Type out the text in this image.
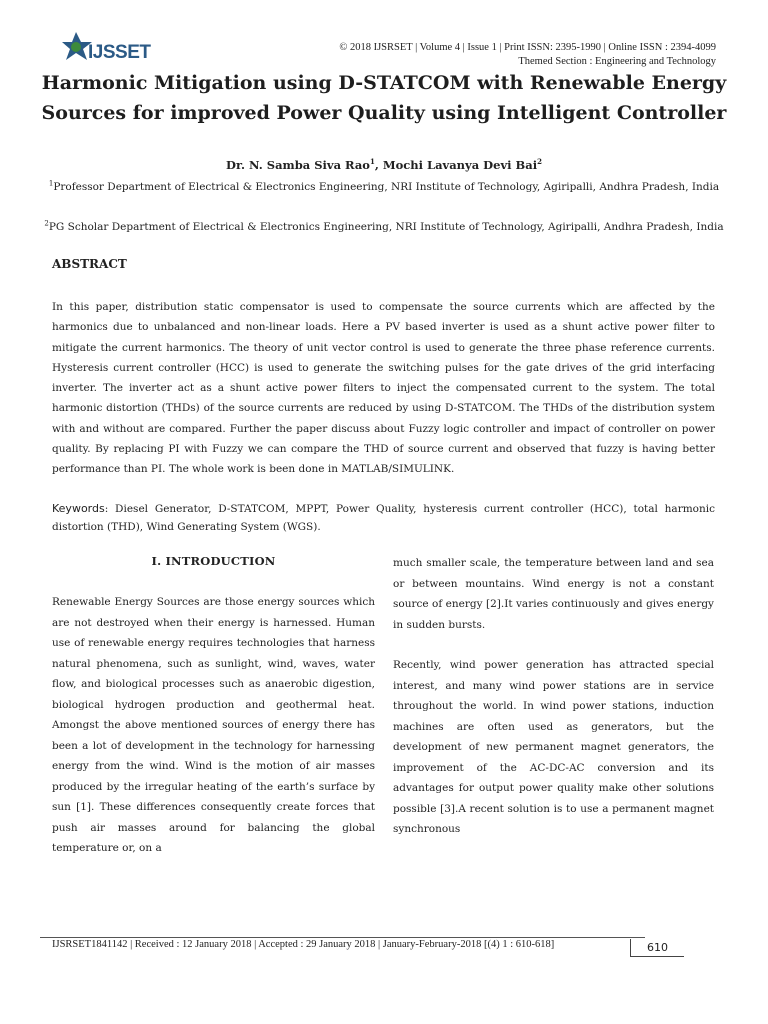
IJSSET	© 2018 IJSRSET | Volume 4 | Issue 1 | Print ISSN: 2395-1990 | Online ISSN : 2394-4099
Themed Section : Engineering and Technology
Harmonic Mitigation using D-STATCOM with Renewable Energy Sources for improved Power Quality using Intelligent Controller
Dr. N. Samba Siva Rao$^1$, Mochi Lavanya Devi Bai$^2$
$^1$Professor Department of Electrical & Electronics Engineering, NRI Institute of Technology, Agiripalli, Andhra Pradesh, India
$^2$PG Scholar Department of Electrical & Electronics Engineering, NRI Institute of Technology, Agiripalli, Andhra Pradesh, India
ABSTRACT

In this paper, distribution static compensator is used to compensate the source currents which are affected by the harmonics due to unbalanced and non-linear loads. Here a PV based inverter is used as a shunt active power filter to mitigate the current harmonics. The theory of unit vector control is used to generate the three phase reference currents. Hysteresis current controller (HCC) is used to generate the switching pulses for the gate drives of the grid interfacing inverter. The inverter act as a shunt active power filters to inject the compensated current to the system. The total harmonic distortion (THDs) of the source currents are reduced by using D-STATCOM. The THDs of the distribution system with and without are compared. Further the paper discuss about Fuzzy logic controller and impact of controller on power quality. By replacing PI with Fuzzy we can compare the THD of source current and observed that fuzzy is having better performance than PI. The whole work is been done in MATLAB/SIMULINK.

Keywords: Diesel Generator, D-STATCOM, MPPT, Power Quality, hysteresis current controller (HCC), total harmonic distortion (THD), Wind Generating System (WGS).

I. INTRODUCTION

Renewable Energy Sources are those energy sources which are not destroyed when their energy is harnessed. Human use of renewable energy requires technologies that harness natural phenomena, such as sunlight, wind, waves, water flow, and biological processes such as anaerobic digestion, biological hydrogen production and geothermal heat. Amongst the above mentioned sources of energy there has been a lot of development in the technology for harnessing energy from the wind. Wind is the motion of air masses produced by the irregular heating of the earth’s surface by sun [1]. These differences consequently create forces that push air masses around for balancing the global temperature or, on a

much smaller scale, the temperature between land and sea or between mountains. Wind energy is not a constant source of energy [2].It varies continuously and gives energy in sudden bursts.

Recently, wind power generation has attracted special interest, and many wind power stations are in service throughout the world. In wind power stations, induction machines are often used as generators, but the development of new permanent magnet generators, the improvement of the AC-DC-AC conversion and its advantages for output power quality make other solutions possible [3].A recent solution is to use a permanent magnet synchronous

IJSRSET1841142 | Received : 12 January 2018 | Accepted : 29 January 2018 | January-February-2018 [(4) 1 : 610-618]	610
